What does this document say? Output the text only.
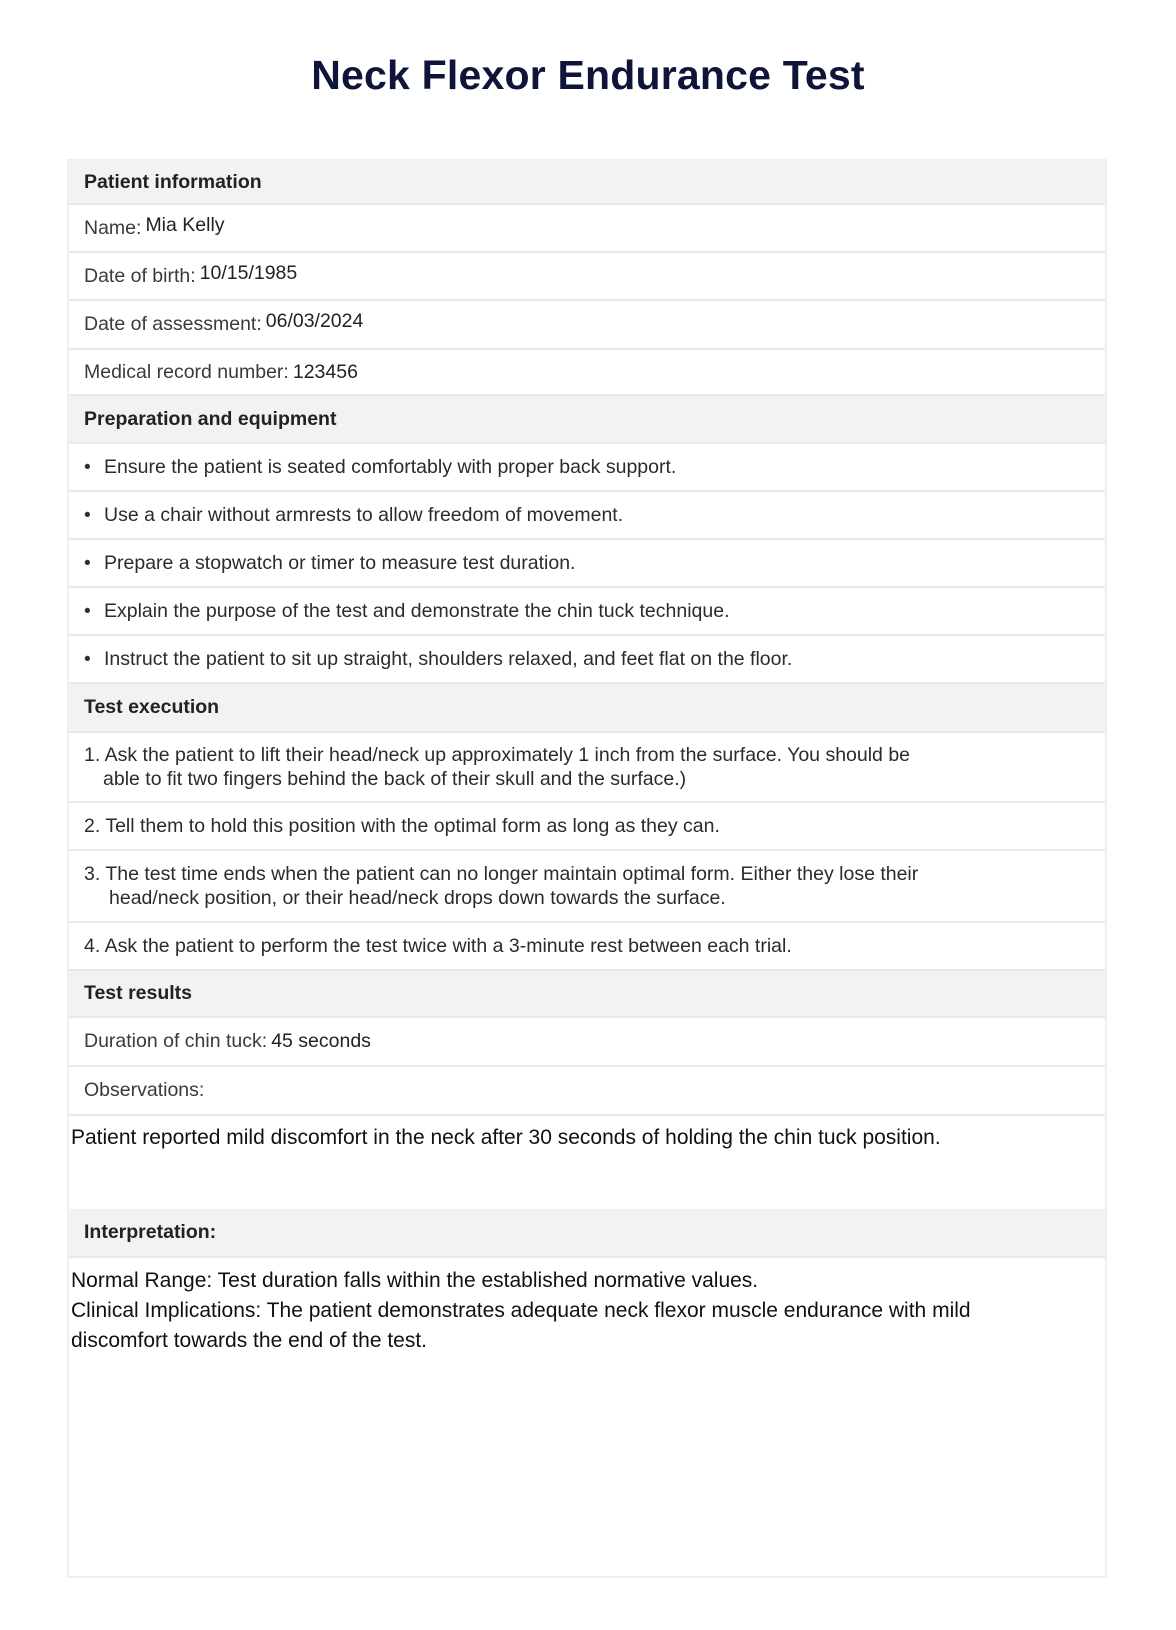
Neck Flexor Endurance Test
Patient information
Name: Mia Kelly
Date of birth: 10/15/1985
Date of assessment: 06/03/2024
Medical record number: 123456
Preparation and equipment
• Ensure the patient is seated comfortably with proper back support.
• Use a chair without armrests to allow freedom of movement.
• Prepare a stopwatch or timer to measure test duration.
• Explain the purpose of the test and demonstrate the chin tuck technique.
• Instruct the patient to sit up straight, shoulders relaxed, and feet flat on the floor.
Test execution
1. Ask the patient to lift their head/neck up approximately 1 inch from the surface. You should be
able to fit two fingers behind the back of their skull and the surface.)
2. Tell them to hold this position with the optimal form as long as they can.
3. The test time ends when the patient can no longer maintain optimal form. Either they lose their
head/neck position, or their head/neck drops down towards the surface.
4. Ask the patient to perform the test twice with a 3-minute rest between each trial.
Test results
Duration of chin tuck: 45 seconds
Observations:
Patient reported mild discomfort in the neck after 30 seconds of holding the chin tuck position.
Interpretation:
Normal Range: Test duration falls within the established normative values.
Clinical Implications: The patient demonstrates adequate neck flexor muscle endurance with mild
discomfort towards the end of the test.
